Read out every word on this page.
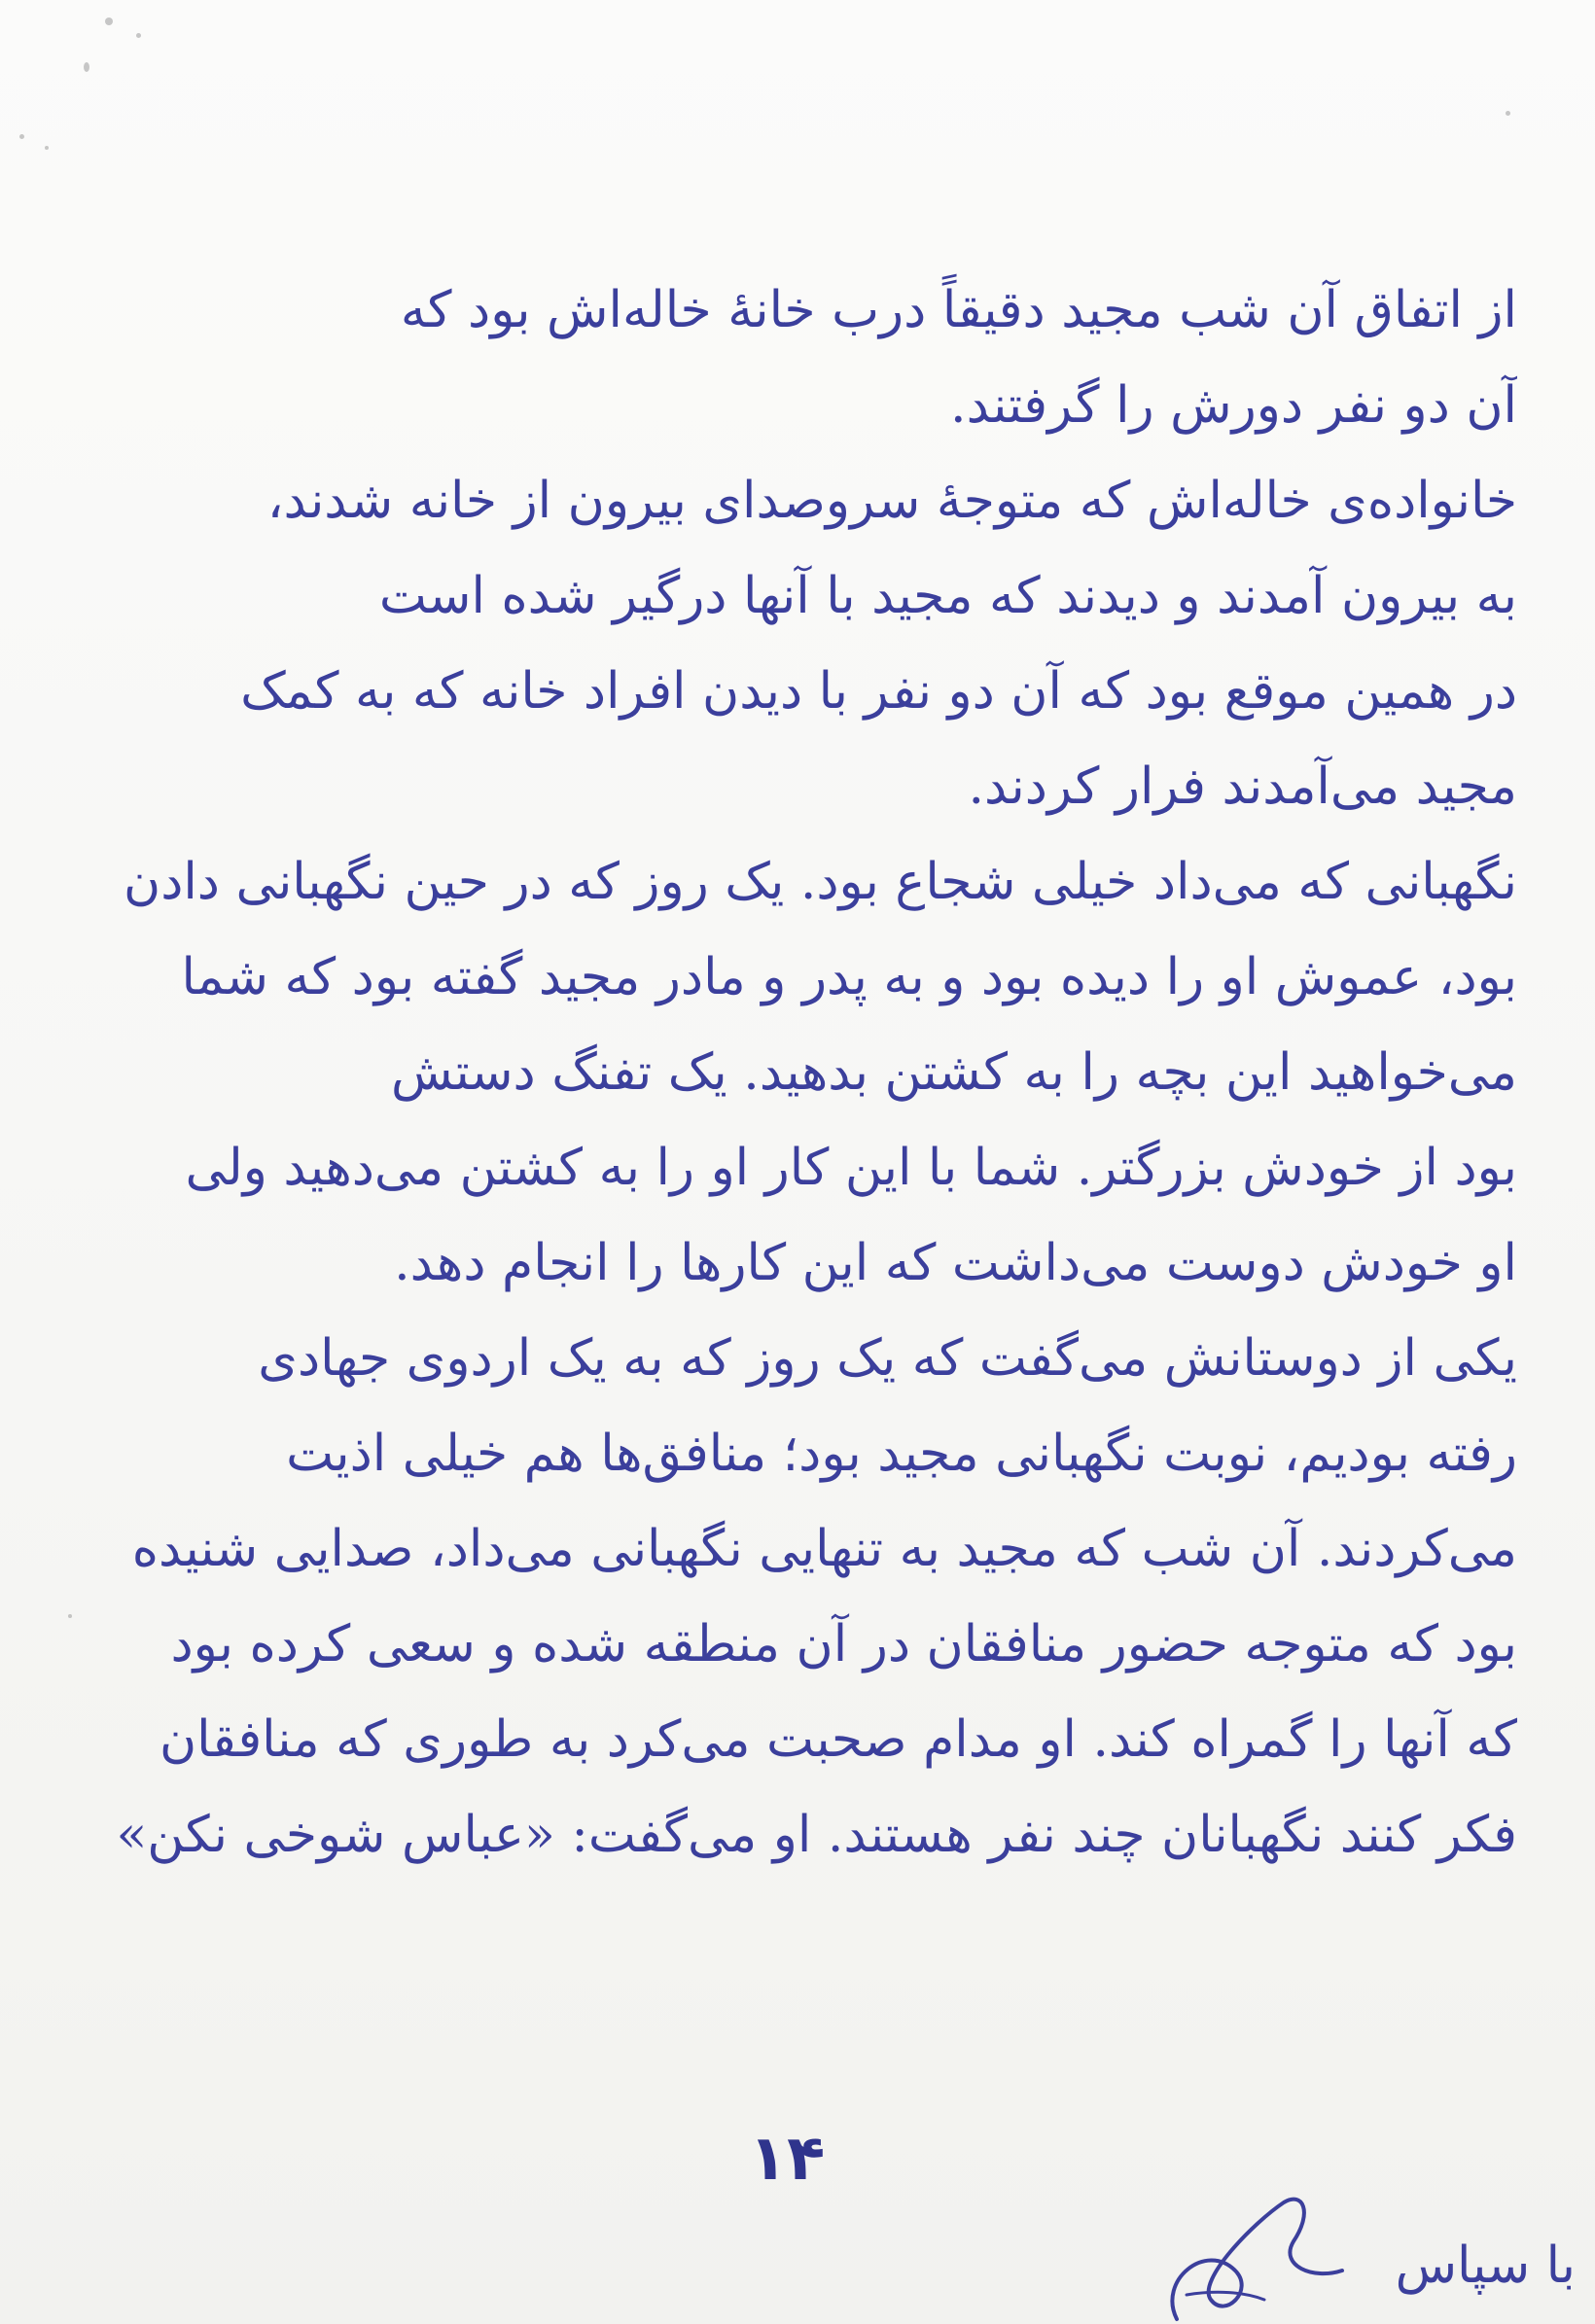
از اتفاق آن شب مجید دقیقاً درب خانهٔ خاله‌اش بود که
آن دو نفر دورش را گرفتند.
خانواده‌ی خاله‌اش که متوجهٔ سروصدای بیرون از خانه شدند،
به بیرون آمدند و دیدند که مجید با آنها درگیر شده است
در همین موقع بود که آن دو نفر با دیدن افراد خانه که به کمک
مجید می‌آمدند فرار کردند.
نگهبانی که می‌داد خیلی شجاع بود. یک روز که در حین نگهبانی دادن
بود، عموش او را دیده بود و به پدر و مادر مجید گفته بود که شما
می‌خواهید این بچه را به کشتن بدهید. یک تفنگ دستش
بود از خودش بزرگتر. شما با این کار او را به کشتن می‌دهید ولی
او خودش دوست می‌داشت که این کارها را انجام دهد.
یکی از دوستانش می‌گفت که یک روز که به یک اردوی جهادی
رفته بودیم، نوبت نگهبانی مجید بود؛ منافق‌ها هم خیلی اذیت
می‌کردند. آن شب که مجید به تنهایی نگهبانی می‌داد، صدایی شنیده
بود که متوجه حضور منافقان در آن منطقه شده و سعی کرده بود
که آنها را گمراه کند. او مدام صحبت می‌کرد به طوری که منافقان
فکر کنند نگهبانان چند نفر هستند. او می‌گفت: «عباس شوخی نکن»
۱۴
با سپاس
